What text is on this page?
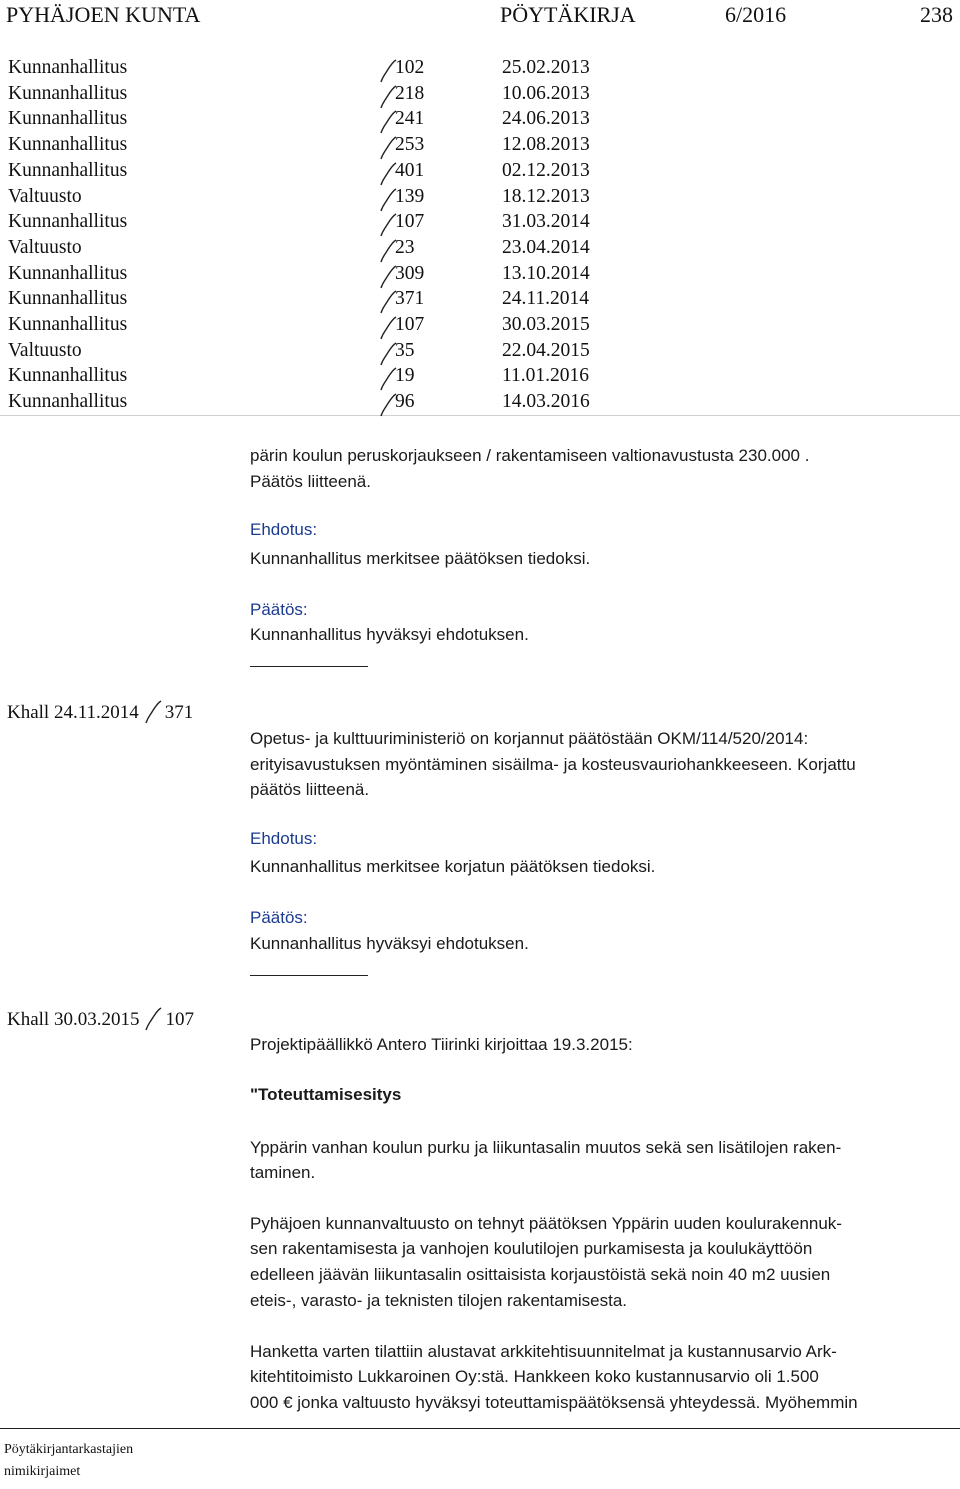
PYHÄJOEN KUNTA	PÖYTÄKIRJA	6/2016	238
Kunnanhallitus	102	25.02.2013
Kunnanhallitus	218	10.06.2013
Kunnanhallitus	241	24.06.2013
Kunnanhallitus	253	12.08.2013
Kunnanhallitus	401	02.12.2013
Valtuusto	139	18.12.2013
Kunnanhallitus	107	31.03.2014
Valtuusto	23	23.04.2014
Kunnanhallitus	309	13.10.2014
Kunnanhallitus	371	24.11.2014
Kunnanhallitus	107	30.03.2015
Valtuusto	35	22.04.2015
Kunnanhallitus	19	11.01.2016
Kunnanhallitus	96	14.03.2016
pärin koulun peruskorjaukseen / rakentamiseen valtionavustusta 230.000 .
Päätös liitteenä.
Ehdotus:
Kunnanhallitus merkitsee päätöksen tiedoksi.
Päätös:
Kunnanhallitus hyväksyi ehdotuksen.
Khall 24.11.2014 371
Opetus- ja kulttuuriministeriö on korjannut päätöstään OKM/114/520/2014:
erityisavustuksen myöntäminen sisäilma- ja kosteusvauriohankkeeseen. Korjattu
päätös liitteenä.
Ehdotus:
Kunnanhallitus merkitsee korjatun päätöksen tiedoksi.
Päätös:
Kunnanhallitus hyväksyi ehdotuksen.
Khall 30.03.2015 107
Projektipäällikkö Antero Tiirinki kirjoittaa 19.3.2015:
"Toteuttamisesitys
Yppärin vanhan koulun purku ja liikuntasalin muutos sekä sen lisätilojen raken-
taminen.
Pyhäjoen kunnanvaltuusto on tehnyt päätöksen Yppärin uuden koulurakennuk-
sen rakentamisesta ja vanhojen koulutilojen purkamisesta ja koulukäyttöön
edelleen jäävän liikuntasalin osittaisista korjaustöistä sekä noin 40 m2 uusien
eteis-, varasto- ja teknisten tilojen rakentamisesta.
Hanketta varten tilattiin alustavat arkkitehtisuunnitelmat ja kustannusarvio Ark-
kitehtitoimisto Lukkaroinen Oy:stä. Hankkeen koko kustannusarvio oli 1.500
000 € jonka valtuusto hyväksyi toteuttamispäätöksensä yhteydessä. Myöhemmin
Pöytäkirjantarkastajien
nimikirjaimet
